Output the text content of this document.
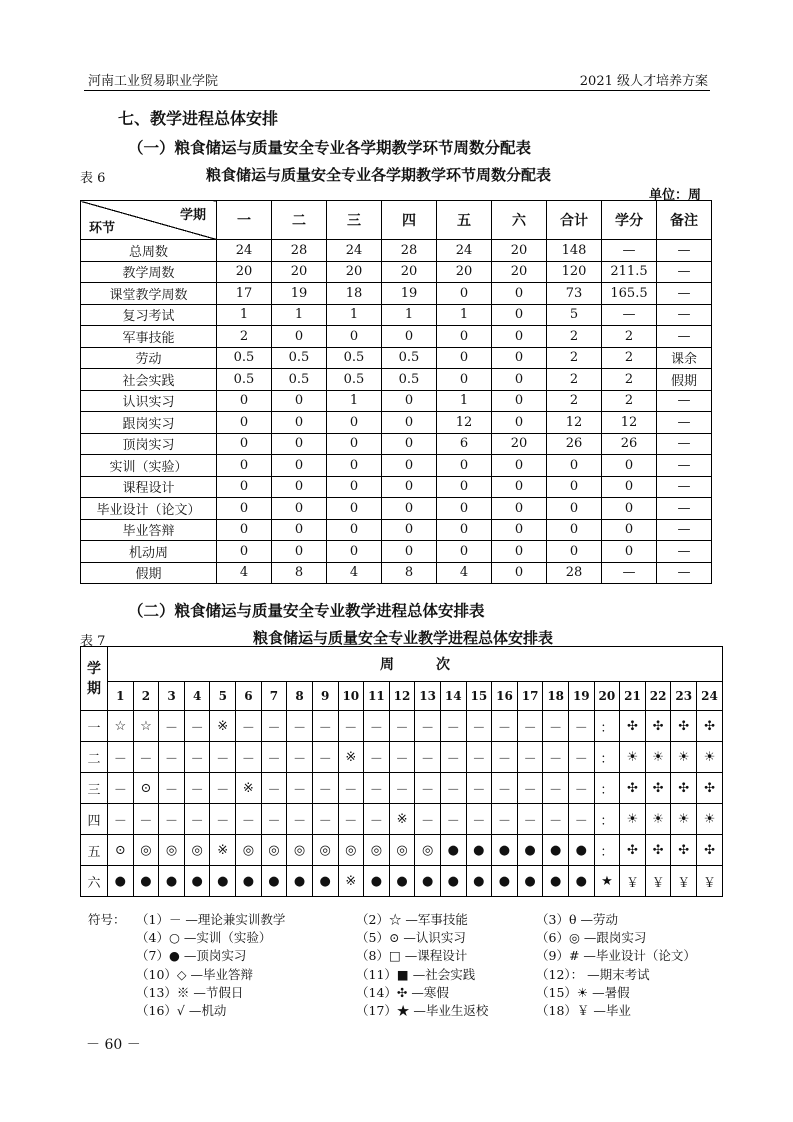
河南工业贸易职业学院	2021 级人才培养方案
七、教学进程总体安排
（一）粮食储运与质量安全专业各学期教学环节周数分配表
表 6	粮食储运与质量安全专业各学期教学环节周数分配表
单位：周
学期
环节	一	二	三	四	五	六	合计	学分	备注
总周数	24	28	24	28	24	20	148	—	—
教学周数	20	20	20	20	20	20	120	211.5	—
课堂教学周数	17	19	18	19	0	0	73	165.5	—
复习考试	1	1	1	1	1	0	5	—	—
军事技能	2	0	0	0	0	0	2	2	—
劳动	0.5	0.5	0.5	0.5	0	0	2	2	课余
社会实践	0.5	0.5	0.5	0.5	0	0	2	2	假期
认识实习	0	0	1	0	1	0	2	2	—
跟岗实习	0	0	0	0	12	0	12	12	—
顶岗实习	0	0	0	0	6	20	26	26	—
实训（实验）	0	0	0	0	0	0	0	0	—
课程设计	0	0	0	0	0	0	0	0	—
毕业设计（论文）	0	0	0	0	0	0	0	0	—
毕业答辩	0	0	0	0	0	0	0	0	—
机动周	0	0	0	0	0	0	0	0	—
假期	4	8	4	8	4	0	28	—	—
（二）粮食储运与质量安全专业教学进程总体安排表
表 7	粮食储运与质量安全专业教学进程总体安排表
学
期	周　　　次																							
	1	2	3	4	5	6	7	8	9	10	11	12	13	14	15	16	17	18	19	20	21	22	23	24
一	☆	☆	－	－	※	－	－	－	－	－	－	－	－	－	－	－	－	－	－	：	✣	✣	✣	✣
二	－	－	－	－	－	－	－	－	－	※	－	－	－	－	－	－	－	－	－	：	☀	☀	☀	☀
三	－	⊙	－	－	－	※	－	－	－	－	－	－	－	－	－	－	－	－	－	：	✣	✣	✣	✣
四	－	－	－	－	－	－	－	－	－	－	－	※	－	－	－	－	－	－	－	：	☀	☀	☀	☀
五	⊙	◎	◎	◎	※	◎	◎	◎	◎	◎	◎	◎	◎	●	●	●	●	●	●	：	✣	✣	✣	✣
六	●	●	●	●	●	●	●	●	●	※	●	●	●	●	●	●	●	●	●	★	￥	￥	￥	￥
符号： （1）－ —理论兼实训教学	（2）☆ —军事技能	（3）θ —劳动
（4）○ —实训（实验）	（5）⊙ —认识实习	（6）◎ —跟岗实习
（7）● —顶岗实习	（8）□ —课程设计	（9）# —毕业设计（论文）
（10）◇ —毕业答辩	（11）■ —社会实践	（12）： —期末考试
（13）※ —节假日	（14）✣ —寒假	（15）☀ —暑假
（16）√ —机动	（17）★ —毕业生返校	（18）￥ —毕业
－ 60 －
